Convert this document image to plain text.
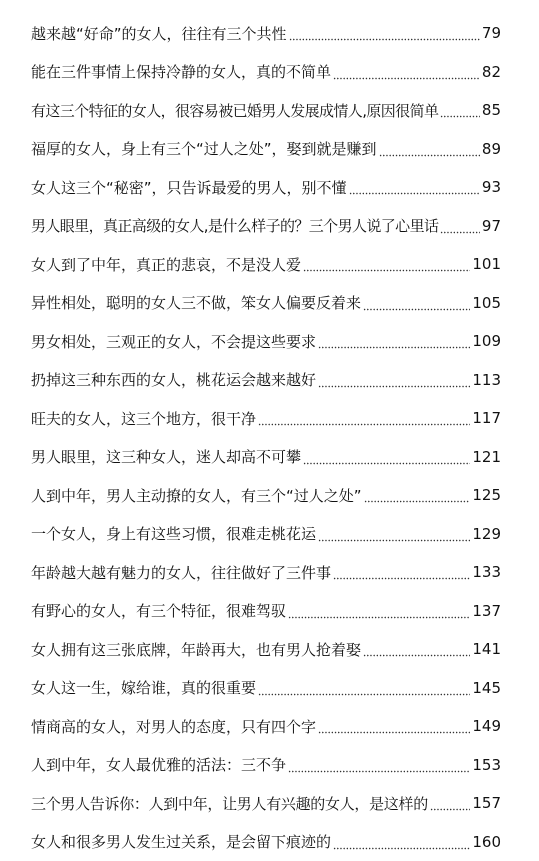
越来越“好命”的女人，往往有三个共性	79
能在三件事情上保持冷静的女人，真的不简单	82
有这三个特征的女人，很容易被已婚男人发展成情人,原因很简单	85
福厚的女人，身上有三个“过人之处”，娶到就是赚到	89
女人这三个“秘密”，只告诉最爱的男人，别不懂	93
男人眼里，真正高级的女人,是什么样子的？三个男人说了心里话	97
女人到了中年，真正的悲哀，不是没人爱	101
异性相处，聪明的女人三不做，笨女人偏要反着来	105
男女相处，三观正的女人，不会提这些要求	109
扔掉这三种东西的女人，桃花运会越来越好	113
旺夫的女人，这三个地方，很干净	117
男人眼里，这三种女人，迷人却高不可攀	121
人到中年，男人主动撩的女人，有三个“过人之处”	125
一个女人，身上有这些习惯，很难走桃花运	129
年龄越大越有魅力的女人，往往做好了三件事	133
有野心的女人，有三个特征，很难驾驭	137
女人拥有这三张底牌，年龄再大，也有男人抢着娶	141
女人这一生，嫁给谁，真的很重要	145
情商高的女人，对男人的态度，只有四个字	149
人到中年，女人最优雅的活法：三不争	153
三个男人告诉你：人到中年，让男人有兴趣的女人，是这样的	157
女人和很多男人发生过关系，是会留下痕迹的	160
